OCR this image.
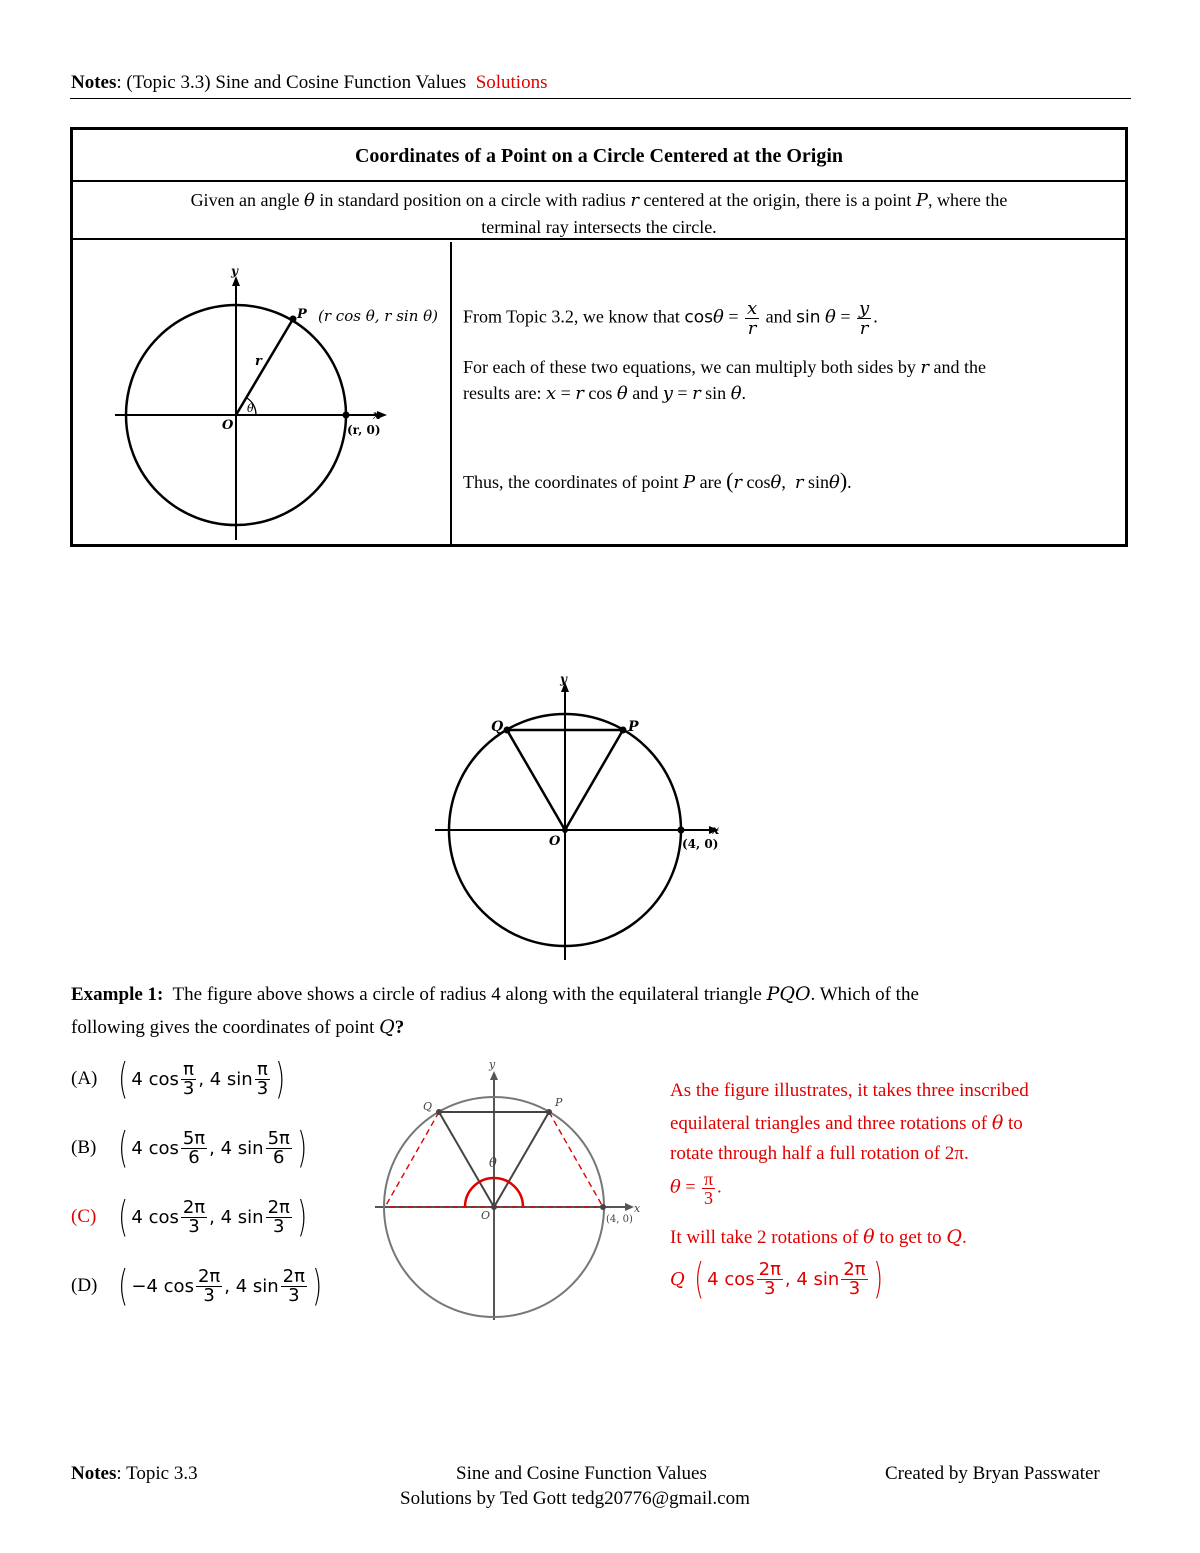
Notes: (Topic 3.3) Sine and Cosine Function Values Solutions
Coordinates of a Point on a Circle Centered at the Origin
Given an angle θ in standard position on a circle with radius r centered at the origin, there is a point P, where the
terminal ray intersects the circle.
x
y
O
P (r cos θ, r sin θ)
r
θ
(r, 0)
From Topic 3.2, we know that $\cos\theta = \frac{x}{r}$ and $\sin \theta = \frac{y}{r}$ .
For each of these two equations, we can multiply both sides by r and the
results are: x = r cos θ and y = r sin θ.
Thus, the coordinates of point P are (r cosθ,  r sinθ).
x
y
O
P
Q
(4, 0)
Example 1: The figure above shows a circle of radius 4 along with the equilateral triangle PQO. Which of the
following gives the coordinates of point Q?
(A) ( 4 $\cos \frac{\pi}{3}$ , 4 $\sin \frac{\pi}{3}$ )
(B) ( 4 $\cos \frac{5\pi}{6}$ , 4 $\sin \frac{5\pi}{6}$ )
(C) ( 4 $\cos \frac{2\pi}{3}$ , 4 $\sin \frac{2\pi}{3}$ )
(D) ( − 4 $\cos \frac{2\pi}{3}$ , 4 $\sin \frac{2\pi}{3}$ )
x
y
O
P
Q
θ
(4, 0)
As the figure illustrates, it takes three inscribed
equilateral triangles and three rotations of θ to
rotate through half a full rotation of 2π.
$\theta = \frac{\pi}{3}$ .
It will take 2 rotations of θ to get to Q.
Q ( 4 $\cos \frac{2\pi}{3}$ , 4 $\sin \frac{2\pi}{3}$ )
Notes: Topic 3.3	Sine and Cosine Function Values	Created by Bryan Passwater
Solutions by Ted Gott tedg20776@gmail.com
